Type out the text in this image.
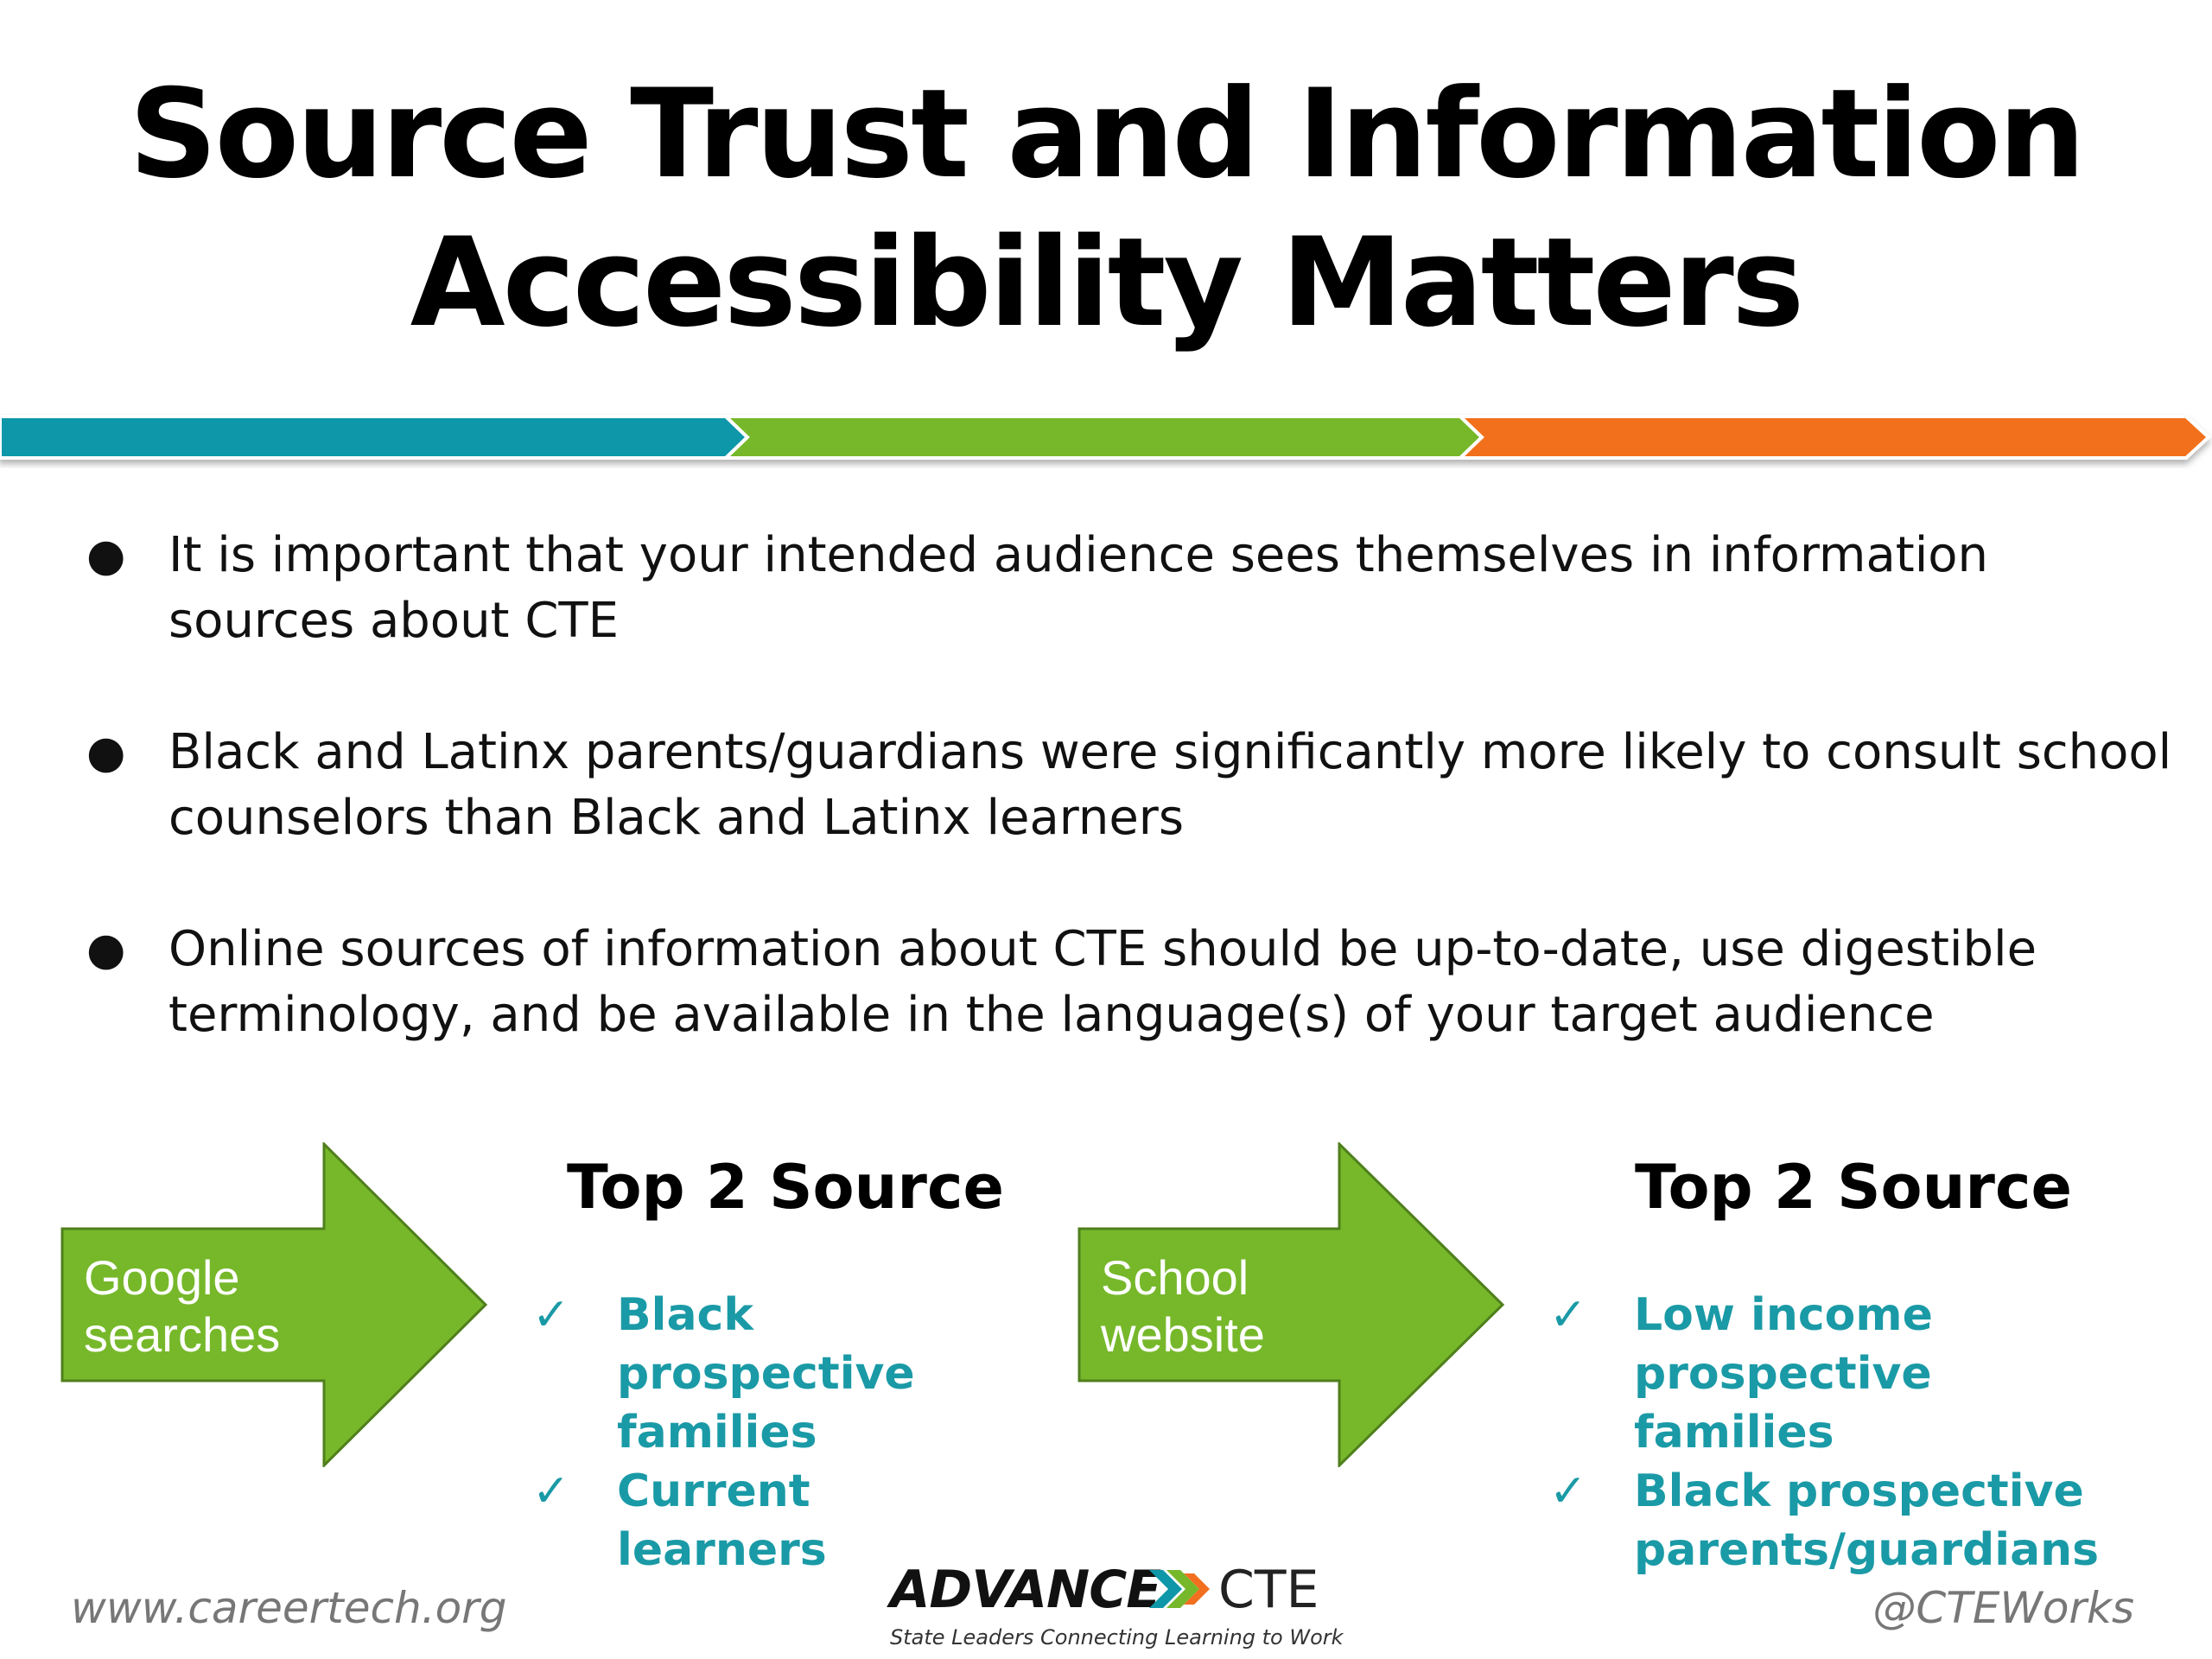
Source Trust and Information
Accessibility Matters
● It is important that your intended audience sees themselves in information sources about CTE
● Black and Latinx parents/guardians were significantly more likely to consult school counselors than Black and Latinx learners
● Online sources of information about CTE should be up-to-date, use digestible terminology, and be available in the language(s) of your target audience
Google
searches
Top 2 Source
✓ Black prospective families
✓ Current learners
School
website
Top 2 Source
✓ Low income prospective families
✓ Black prospective parents/guardians
www.careertech.org	ADVANCE CTE
State Leaders Connecting Learning to Work
@CTEWorks
